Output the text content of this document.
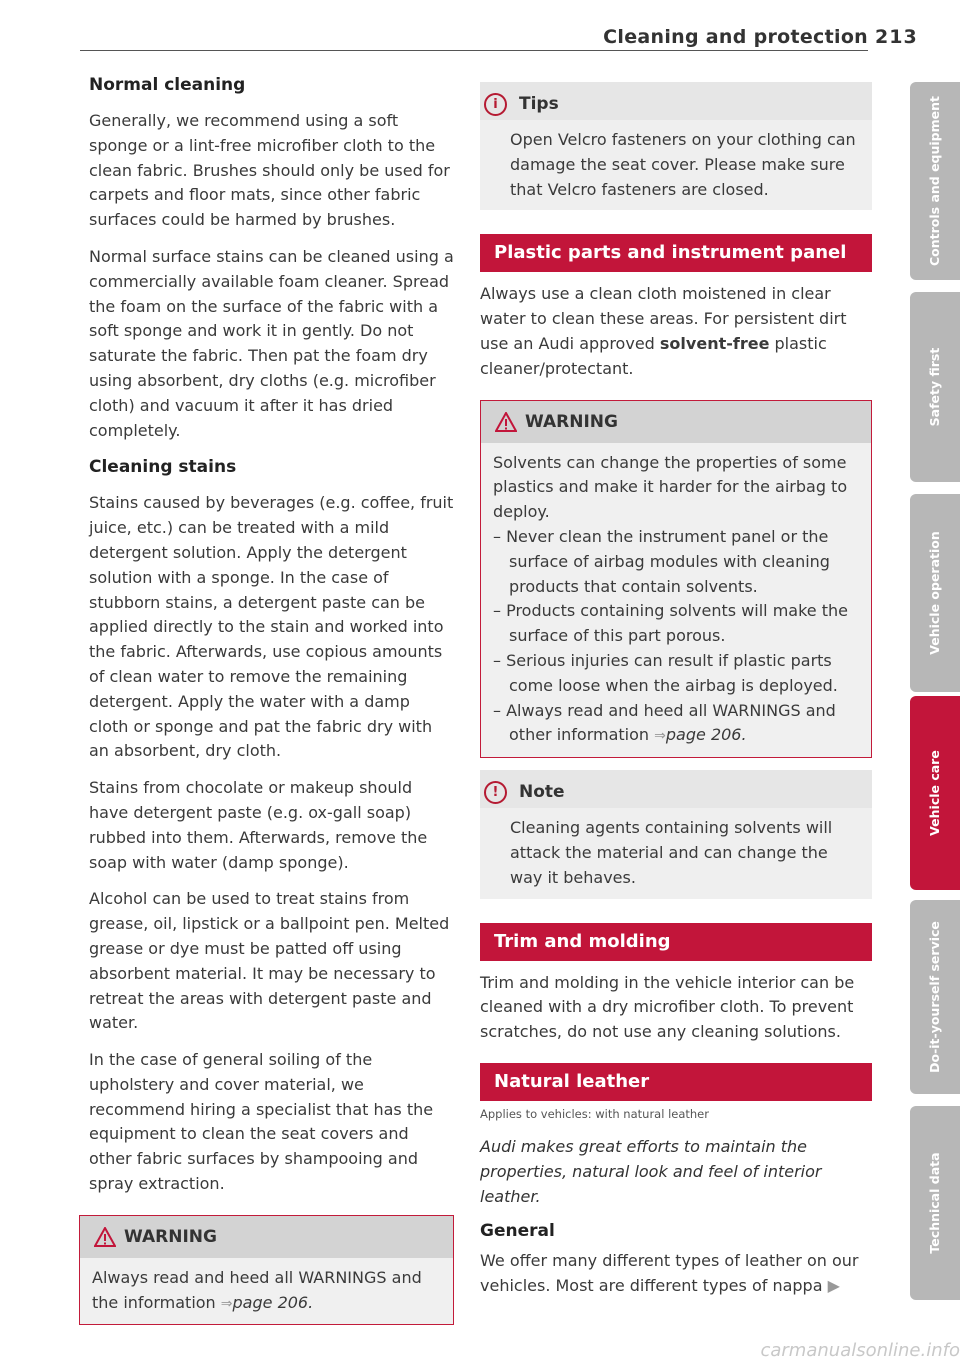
Cleaning and protection 213
Normal cleaning

Generally, we recommend using a soft sponge or a lint-free microfiber cloth to the clean fabric. Brushes should only be used for carpets and floor mats, since other fabric surfaces could be harmed by brushes.

Normal surface stains can be cleaned using a commercially available foam cleaner. Spread the foam on the surface of the fabric with a soft sponge and work it in gently. Do not saturate the fabric. Then pat the foam dry using absorbent, dry cloths (e.g. microfiber cloth) and vacuum it after it has dried completely.

Cleaning stains

Stains caused by beverages (e.g. coffee, fruit juice, etc.) can be treated with a mild detergent solution. Apply the detergent solution with a sponge. In the case of stubborn stains, a detergent paste can be applied directly to the stain and worked into the fabric. Afterwards, use copious amounts of clean water to remove the remaining detergent. Apply the water with a damp cloth or sponge and pat the fabric dry with an absorbent, dry cloth.

Stains from chocolate or makeup should have detergent paste (e.g. ox-gall soap) rubbed into them. Afterwards, remove the soap with water (damp sponge).

Alcohol can be used to treat stains from grease, oil, lipstick or a ballpoint pen. Melted grease or dye must be patted off using absorbent material. It may be necessary to retreat the areas with detergent paste and water.

In the case of general soiling of the upholstery and cover material, we recommend hiring a specialist that has the equipment to clean the seat covers and other fabric surfaces by shampooing and spray extraction.

WARNING

Always read and heed all WARNINGS and the information ⇒page 206.

i	Tips

Open Velcro fasteners on your clothing can damage the seat cover. Please make sure that Velcro fasteners are closed.

Plastic parts and instrument panel

Always use a clean cloth moistened in clear water to clean these areas. For persistent dirt use an Audi approved solvent-free plastic cleaner/protectant.

WARNING

Solvents can change the properties of some plastics and make it harder for the airbag to deploy.

– Never clean the instrument panel or the surface of airbag modules with cleaning products that contain solvents.
– Products containing solvents will make the surface of this part porous.
– Serious injuries can result if plastic parts come loose when the airbag is deployed.
– Always read and heed all WARNINGS and other information ⇒page 206.
!	Note

Cleaning agents containing solvents will attack the material and can change the way it behaves.

Trim and molding

Trim and molding in the vehicle interior can be cleaned with a dry microfiber cloth. To prevent scratches, do not use any cleaning solutions.

Natural leather
Applies to vehicles: with natural leather

Audi makes great efforts to maintain the properties, natural look and feel of interior leather.

General

We offer many different types of leather on our vehicles. Most are different types of nappa ▶

Controls and equipment
Safety first
Vehicle operation
Vehicle care
Do-it-yourself service
Technical data
carmanualsonline.info
